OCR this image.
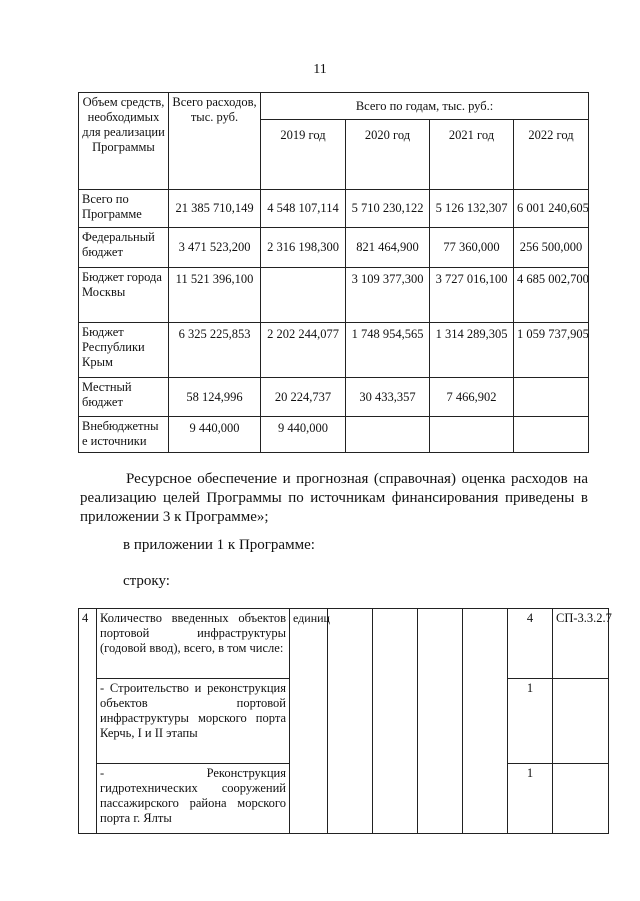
11
Объем средств, необходимых для реализации Программы	Всего расходов, тыс. руб.	Всего по годам, тыс. руб.:			
		2019 год	2020 год	2021 год	2022 год
Всего по Программе	21 385 710,149	4 548 107,114	5 710 230,122	5 126 132,307	6 001 240,605
Федеральный бюджет	3 471 523,200	2 316 198,300	821 464,900	77 360,000	256 500,000
Бюджет города Москвы	11 521 396,100		3 109 377,300	3 727 016,100	4 685 002,700
Бюджет Республики Крым	6 325 225,853	2 202 244,077	1 748 954,565	1 314 289,305	1 059 737,905
Местный бюджет	58 124,996	20 224,737	30 433,357	7 466,902	
Внебюджетны е источники	9 440,000	9 440,000			
Ресурсное обеспечение и прогнозная (справочная) оценка расходов на реализацию целей Программы по источникам финансирования приведены в приложении 3 к Программе»;
в приложении 1 к Программе:
строку:
4	Количество введенных объектов портовой инфраструктуры (годовой ввод), всего, в том числе:	единиц					4	СП-3.3.2.7
	- Строительство и реконструкция объектов портовой инфраструктуры морского порта Керчь, I и II этапы						1	
	- Реконструкция гидротехнических сооружений пассажирского района морского порта г. Ялты						1	
